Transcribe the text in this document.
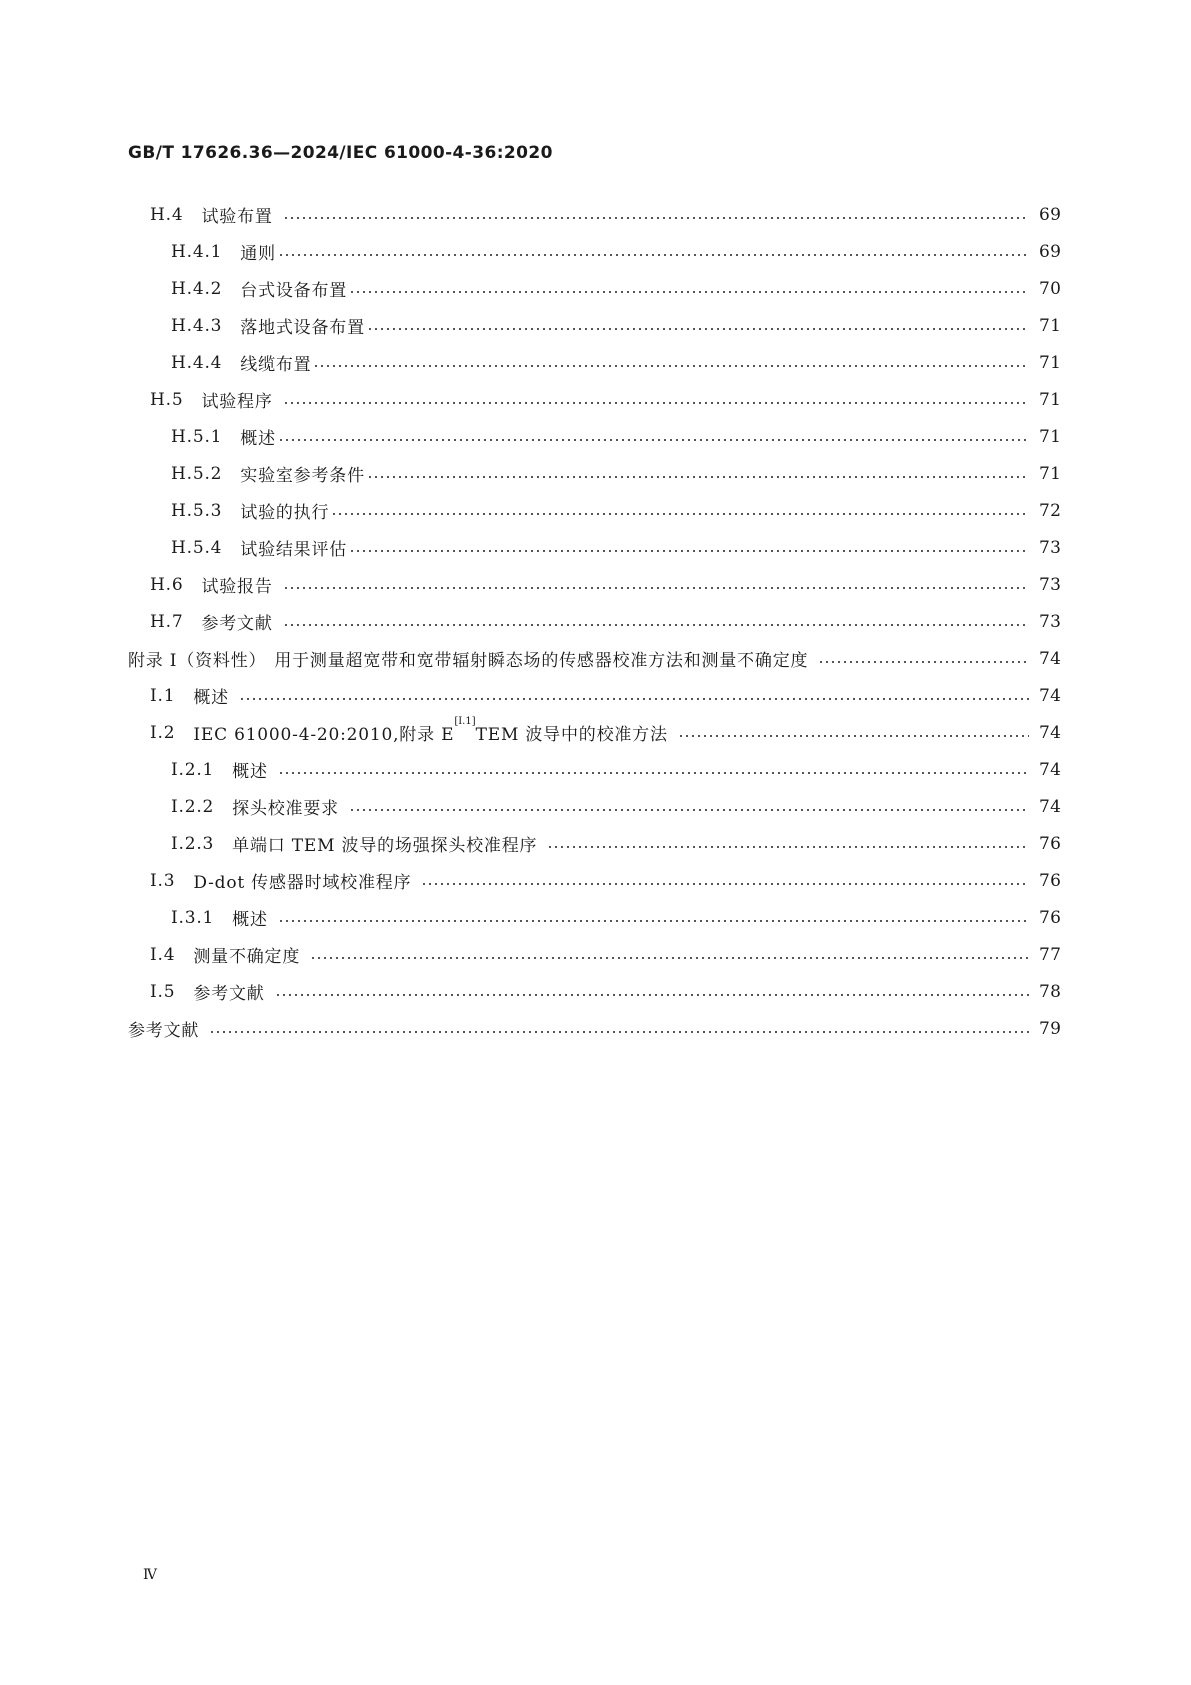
GB/T 17626.36—2024/IEC 61000-4-36:2020
H.4 试验布置	69
H.4.1 通则	69
H.4.2 台式设备布置	70
H.4.3 落地式设备布置	71
H.4.4 线缆布置	71
H.5 试验程序	71
H.5.1 概述	71
H.5.2 实验室参考条件	71
H.5.3 试验的执行	72
H.5.4 试验结果评估	73
H.6 试验报告	73
H.7 参考文献	73
附录 I（资料性） 用于测量超宽带和宽带辐射瞬态场的传感器校准方法和测量不确定度	74
I.1 概述	74
I.2 IEC 61000-4-20:2010,附录 E[I.1]TEM 波导中的校准方法	74
I.2.1 概述	74
I.2.2 探头校准要求	74
I.2.3 单端口 TEM 波导的场强探头校准程序	76
I.3 D-dot 传感器时域校准程序	76
I.3.1 概述	76
I.4 测量不确定度	77
I.5 参考文献	78
参考文献	79
Ⅳ
